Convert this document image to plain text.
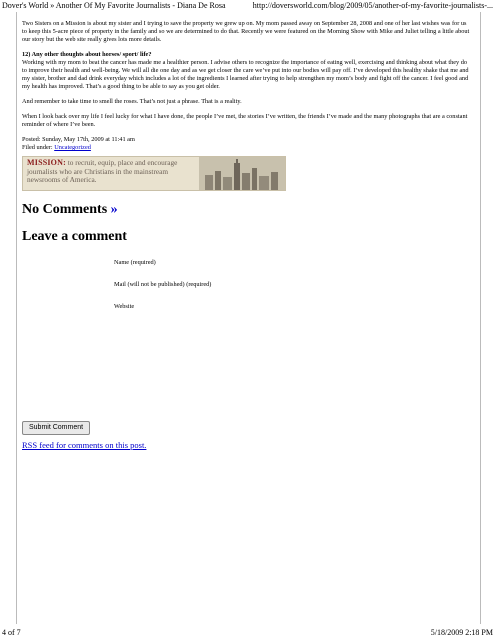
Dover's World » Another Of My Favorite Journalists - Diana De Rosa	http://doversworld.com/blog/2009/05/another-of-my-favorite-journalists-...

Two Sisters on a Mission is about my sister and I trying to save the property we grew up on. My mom passed away on September 28, 2008 and one of her last wishes was for us to keep this 5-acre piece of property in the family and so we are determined to do that. Recently we were featured on the Morning Show with Mike and Juliet telling a little about our story but the web site really gives lots more details.

12) Any other thoughts about horses/ sport/ life?

Working with my mom to beat the cancer has made me a healthier person. I advise others to recognize the importance of eating well, exercising and thinking about what they do to improve their health and well-being. We will all die one day and as we get closer the care we’ve put into our bodies will pay off. I’ve developed this healthy shake that me and my sister, brother and dad drink everyday which includes a lot of the ingredients I learned after trying to help strengthen my mom’s body and fight off the cancer. I feel good and my health has improved. That’s a good thing to be able to say as you get older.

And remember to take time to smell the roses. That’s not just a phrase. That is a reality.

When I look back over my life I feel lucky for what I have done, the people I’ve met, the stories I’ve written, the friends I’ve made and the many photographs that are a constant reminder of where I’ve been.

Posted: Sunday, May 17th, 2009 at 11:41 am
Filed under: Uncategorized
MISSION: to recruit, equip, place and encourage journalists who are Christians in the mainstream newsrooms of America.
No Comments »
Leave a comment
Name (required)
Mail (will not be published) (required)
Website
Submit Comment
RSS feed for comments on this post.
4 of 7	5/18/2009 2:18 PM
